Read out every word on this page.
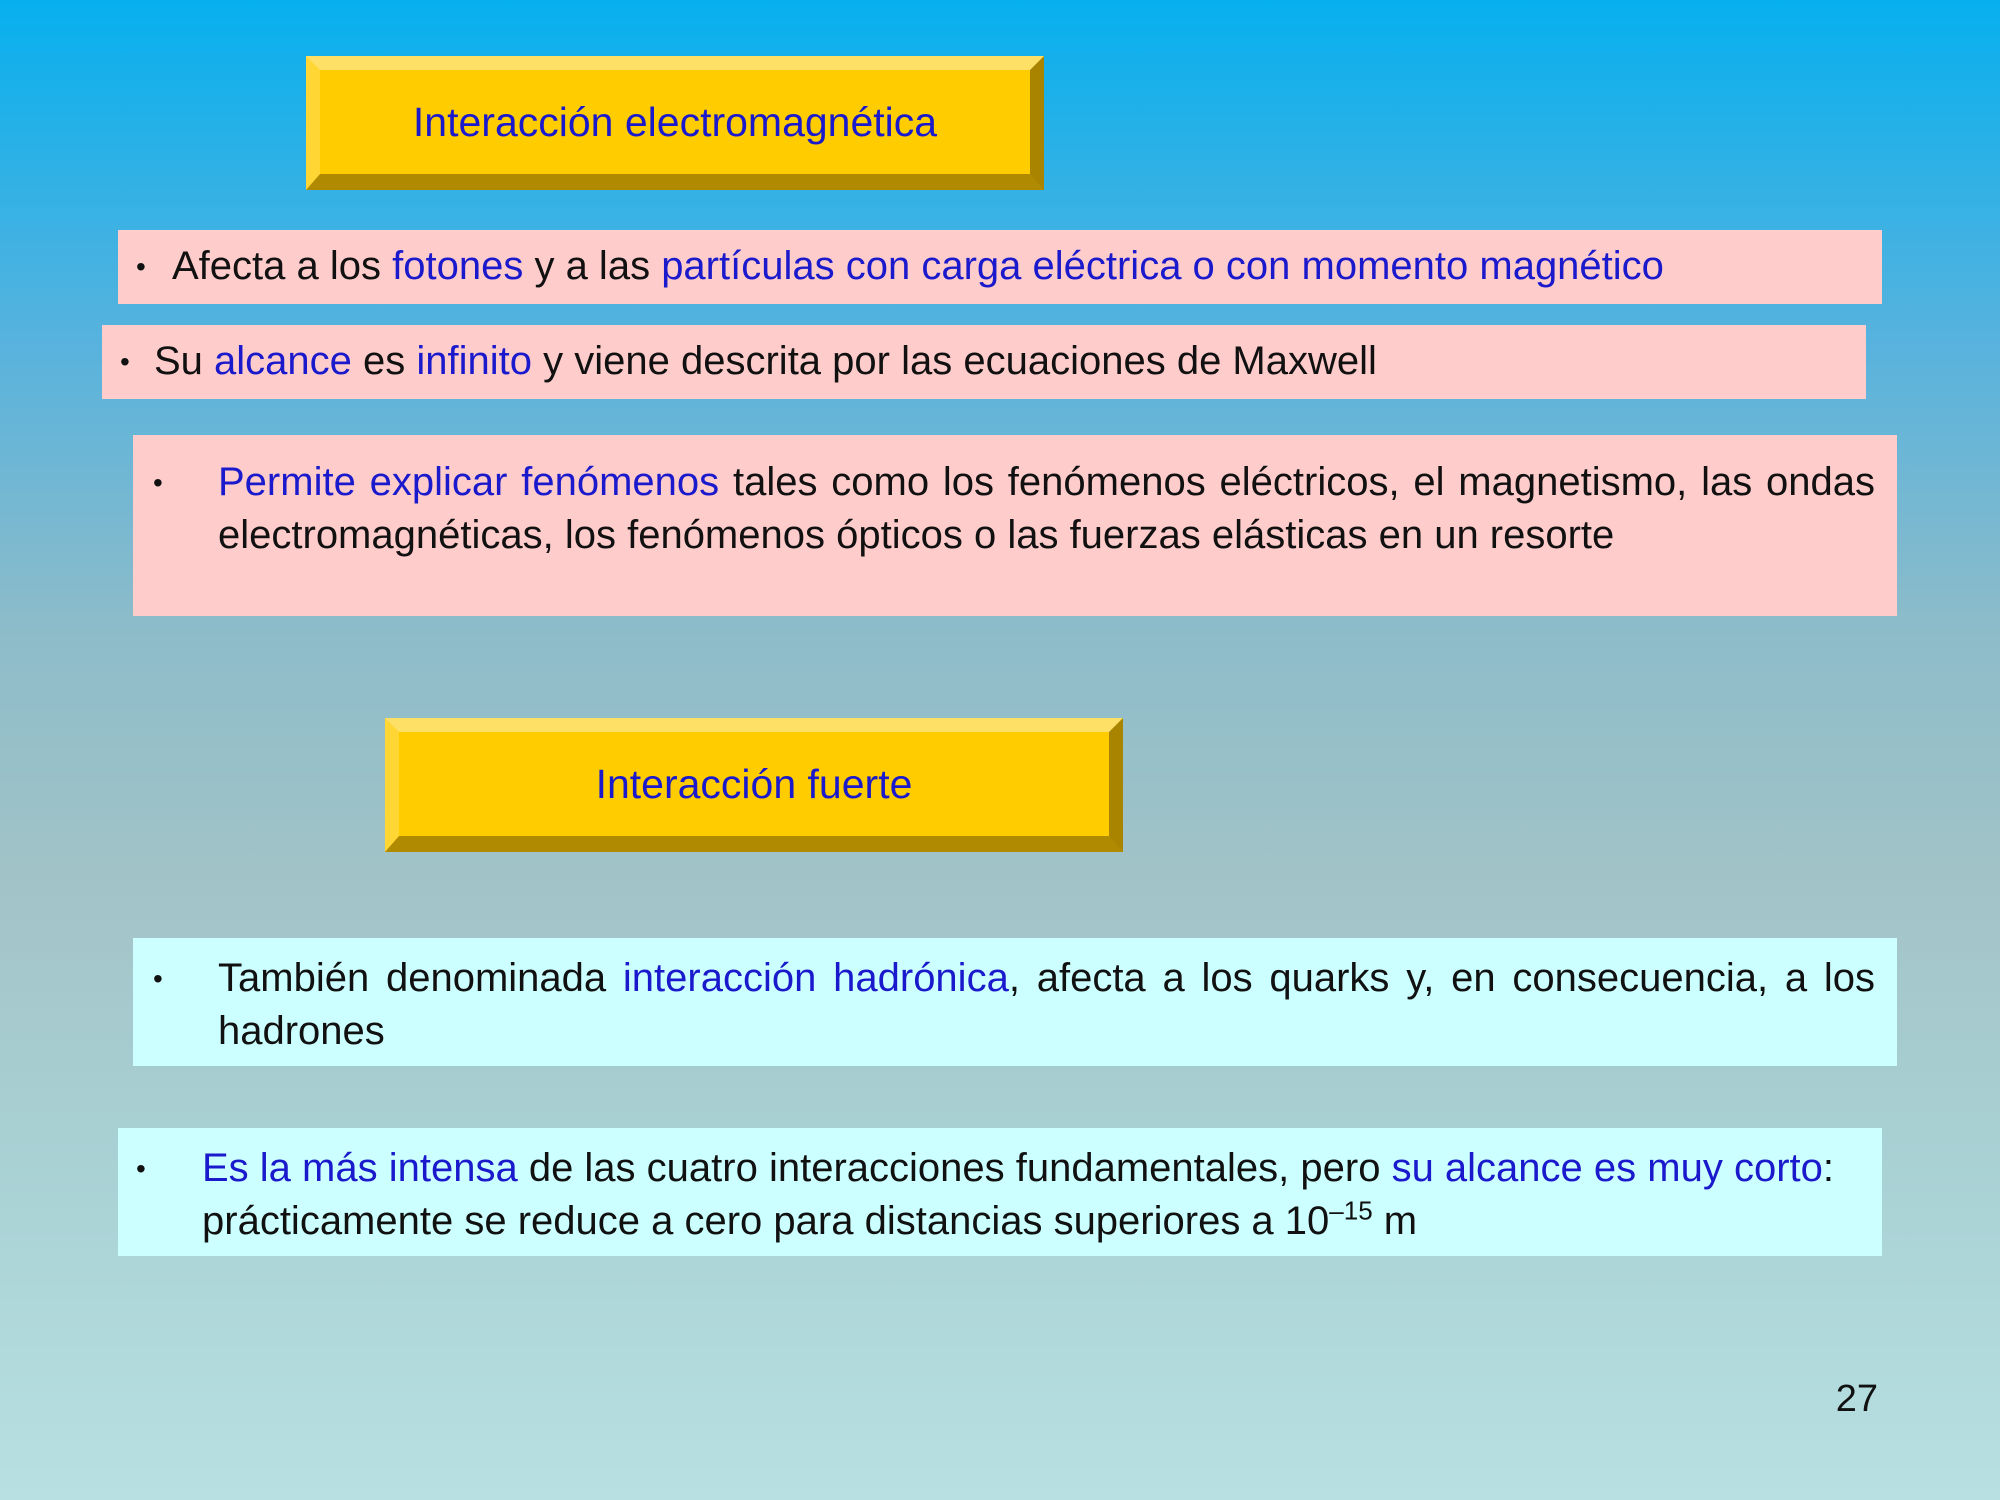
Interacción electromagnética
• Afecta a los fotones y a las partículas con carga eléctrica o con momento magnético
• Su alcance es infinito y viene descrita por las ecuaciones de Maxwell
• Permite explicar fenómenos tales como los fenómenos eléctricos, el magnetismo, las ondas electromagnéticas, los fenómenos ópticos o las fuerzas elásticas en un resorte
Interacción fuerte
• También denominada interacción hadrónica, afecta a los quarks y, en consecuencia, a los hadrones
• Es la más intensa de las cuatro interacciones fundamentales, pero su alcance es muy corto: prácticamente se reduce a cero para distancias superiores a $10^{-15}$ m
27
